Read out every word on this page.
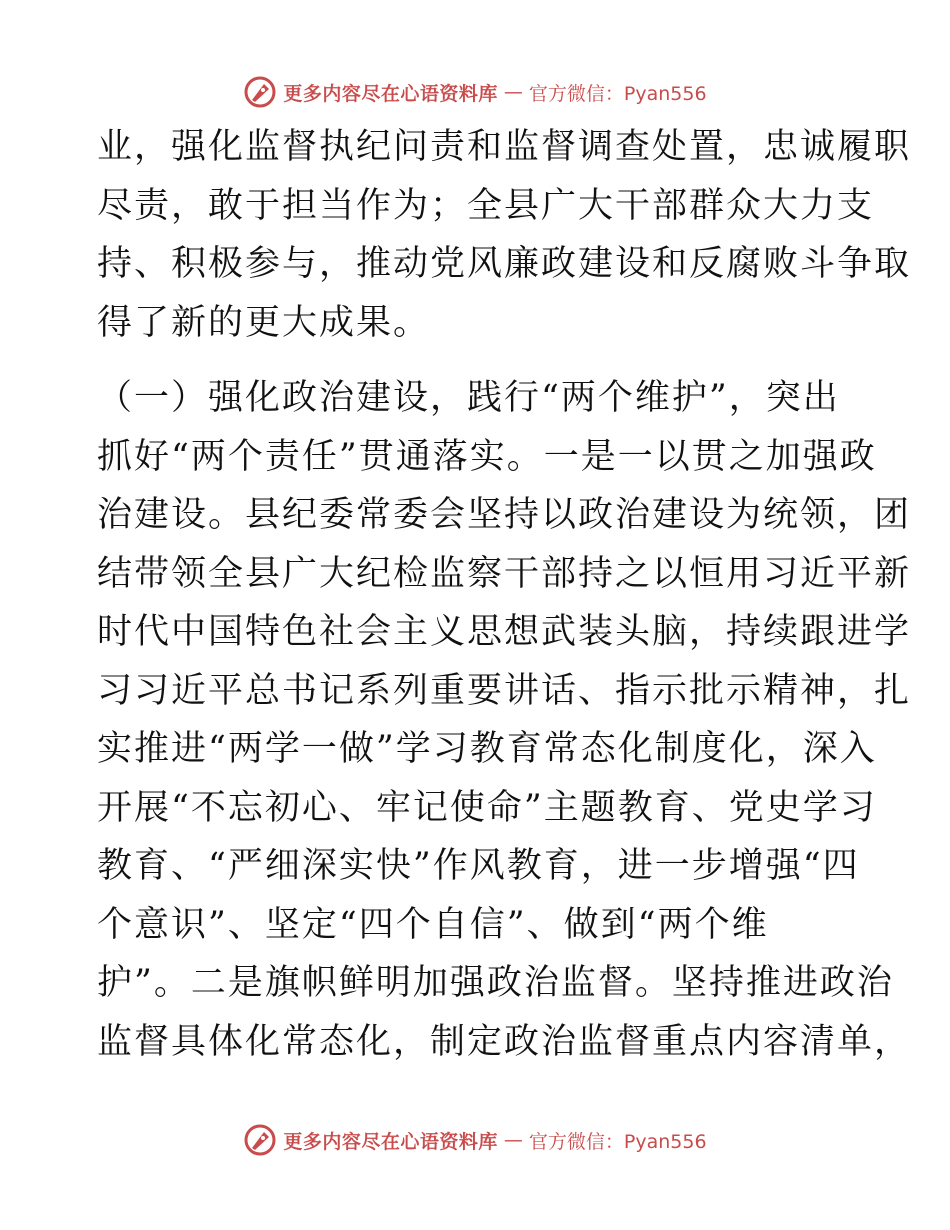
更多内容尽在心语资料库 — 官方微信：Pyan556
业，强化监督执纪问责和监督调查处置，忠诚履职
尽责，敢于担当作为；全县广大干部群众大力支
持、积极参与，推动党风廉政建设和反腐败斗争取
得了新的更大成果。
（一）强化政治建设，践行“两个维护”，突出
抓好“两个责任”贯通落实。一是一以贯之加强政
治建设。县纪委常委会坚持以政治建设为统领，团
结带领全县广大纪检监察干部持之以恒用习近平新
时代中国特色社会主义思想武装头脑，持续跟进学
习习近平总书记系列重要讲话、指示批示精神，扎
实推进“两学一做”学习教育常态化制度化，深入
开展“不忘初心、牢记使命”主题教育、党史学习
教育、“严细深实快”作风教育，进一步增强“四
个意识”、坚定“四个自信”、做到“两个维
护”。二是旗帜鲜明加强政治监督。坚持推进政治
监督具体化常态化，制定政治监督重点内容清单，
更多内容尽在心语资料库 — 官方微信：Pyan556
